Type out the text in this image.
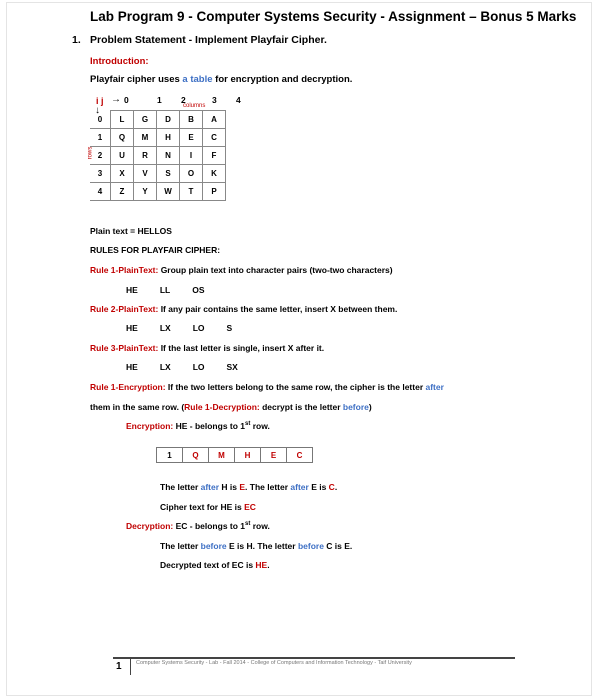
Lab Program 9 - Computer Systems Security - Assignment – Bonus 5 Marks
1. Problem Statement - Implement Playfair Cipher.
Introduction:
Playfair cipher uses a table for encryption and decryption.
i j →
↓
0	1 2	3 4
columns
rows
0	L	G	D	B	A
1	Q	M	H	E	C
2	U	R	N	I	F
3	X	V	S	O	K
4	Z	Y	W	T	P
Plain text = HELLOS
RULES FOR PLAYFAIR CIPHER:
Rule 1-PlainText: Group plain text into character pairs (two-two characters)
HE	LL	OS
Rule 2-PlainText: If any pair contains the same letter, insert X between them.
HE	LX	LO	S
Rule 3-PlainText: If the last letter is single, insert X after it.
HE	LX	LO	SX
Rule 1-Encryption: If the two letters belong to the same row, the cipher is the letter after
them in the same row. (Rule 1-Decryption: decrypt is the letter before)
Encryption: HE - belongs to 1st row.
1	Q	M	H	E	C
The letter after H is E. The letter after E is C.
Cipher text for HE is EC
Decryption: EC - belongs to 1st row.
The letter before E is H. The letter before C is E.
Decrypted text of EC is HE.
1	Computer Systems Security - Lab - Fall 2014 - College of Computers and Information Technology - Taif University
